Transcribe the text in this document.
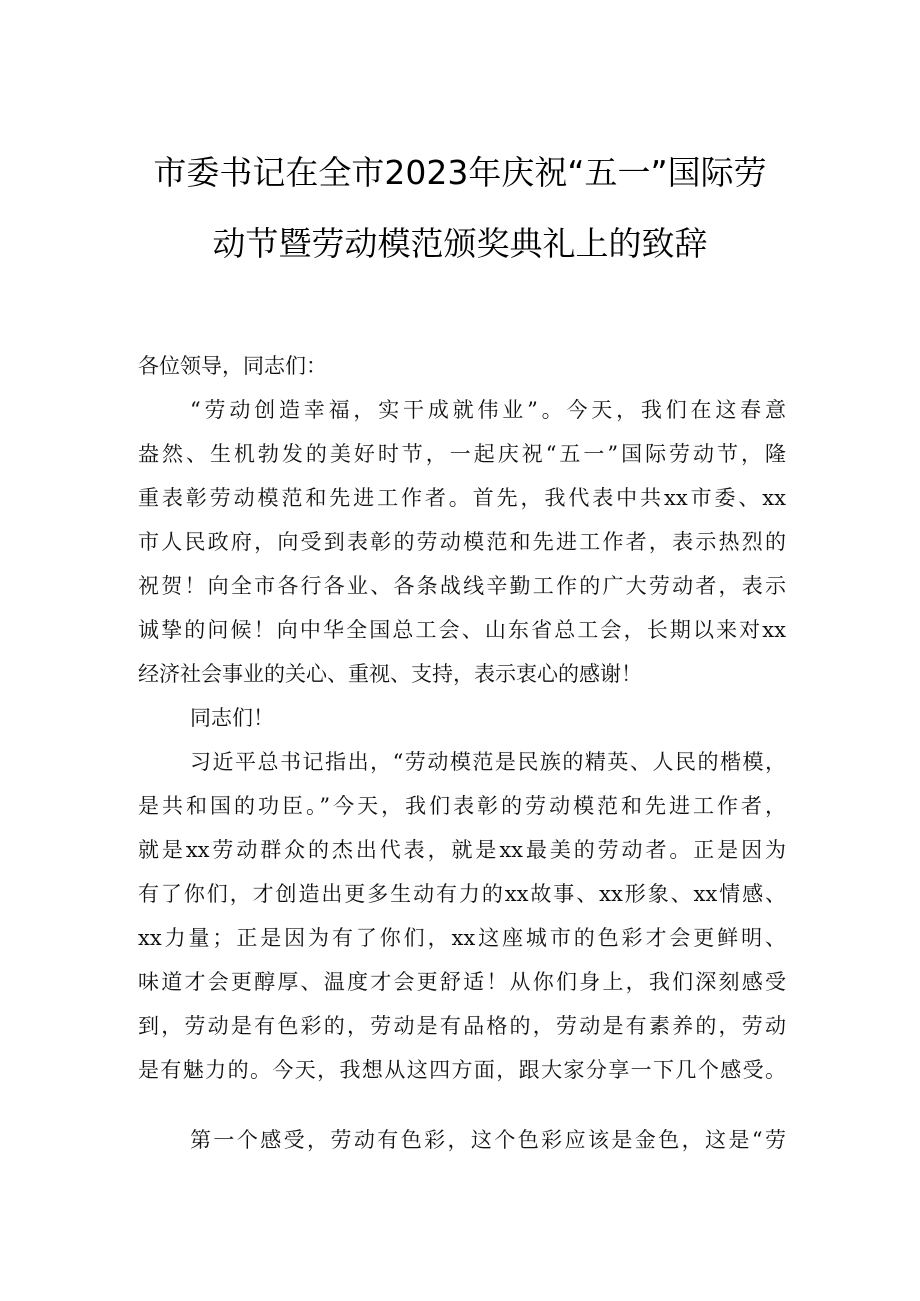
市委书记在全市2023年庆祝“五一”国际劳
动节暨劳动模范颁奖典礼上的致辞
各位领导，同志们：
“劳动创造幸福，实干成就伟业”。今天，我们在这春意
盎然、生机勃发的美好时节，一起庆祝“五一”国际劳动节，隆
重表彰劳动模范和先进工作者。首先，我代表中共xx市委、xx
市人民政府，向受到表彰的劳动模范和先进工作者，表示热烈的
祝贺！向全市各行各业、各条战线辛勤工作的广大劳动者，表示
诚挚的问候！向中华全国总工会、山东省总工会，长期以来对xx
经济社会事业的关心、重视、支持，表示衷心的感谢！
同志们！
习近平总书记指出，“劳动模范是民族的精英、人民的楷模，
是共和国的功臣。”今天，我们表彰的劳动模范和先进工作者，
就是xx劳动群众的杰出代表，就是xx最美的劳动者。正是因为
有了你们，才创造出更多生动有力的xx故事、xx形象、xx情感、
xx力量；正是因为有了你们，xx这座城市的色彩才会更鲜明、
味道才会更醇厚、温度才会更舒适！从你们身上，我们深刻感受
到，劳动是有色彩的，劳动是有品格的，劳动是有素养的，劳动
是有魅力的。今天，我想从这四方面，跟大家分享一下几个感受。
第一个感受，劳动有色彩，这个色彩应该是金色，这是“劳
